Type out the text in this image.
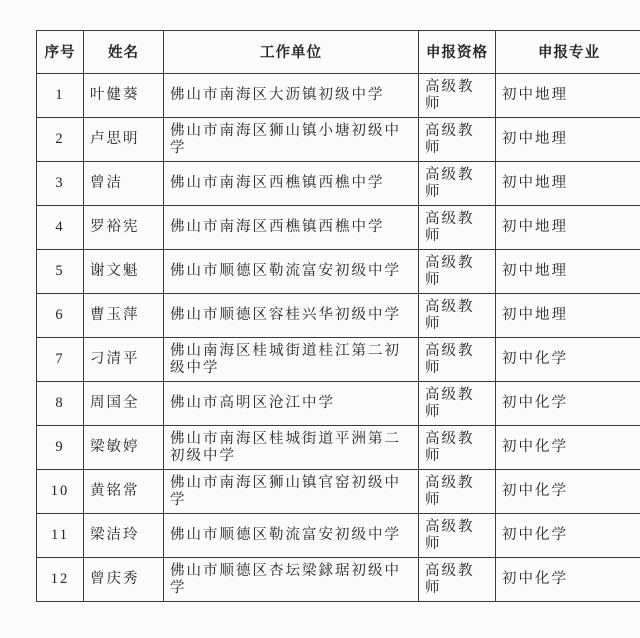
序号	姓名	工作单位	申报资格	申报专业
1	叶健葵	佛山市南海区大沥镇初级中学	高级教师	初中地理
2	卢思明	佛山市南海区狮山镇小塘初级中学	高级教师	初中地理
3	曾洁	佛山市南海区西樵镇西樵中学	高级教师	初中地理
4	罗裕宪	佛山市南海区西樵镇西樵中学	高级教师	初中地理
5	谢文魁	佛山市顺德区勒流富安初级中学	高级教师	初中地理
6	曹玉萍	佛山市顺德区容桂兴华初级中学	高级教师	初中地理
7	刁清平	佛山南海区桂城街道桂江第二初级中学	高级教师	初中化学
8	周国全	佛山市高明区沧江中学	高级教师	初中化学
9	梁敏婷	佛山市南海区桂城街道平洲第二初级中学	高级教师	初中化学
10	黄铭常	佛山市南海区狮山镇官窑初级中学	高级教师	初中化学
11	梁洁玲	佛山市顺德区勒流富安初级中学	高级教师	初中化学
12	曾庆秀	佛山市顺德区杏坛梁銶琚初级中学	高级教师	初中化学
